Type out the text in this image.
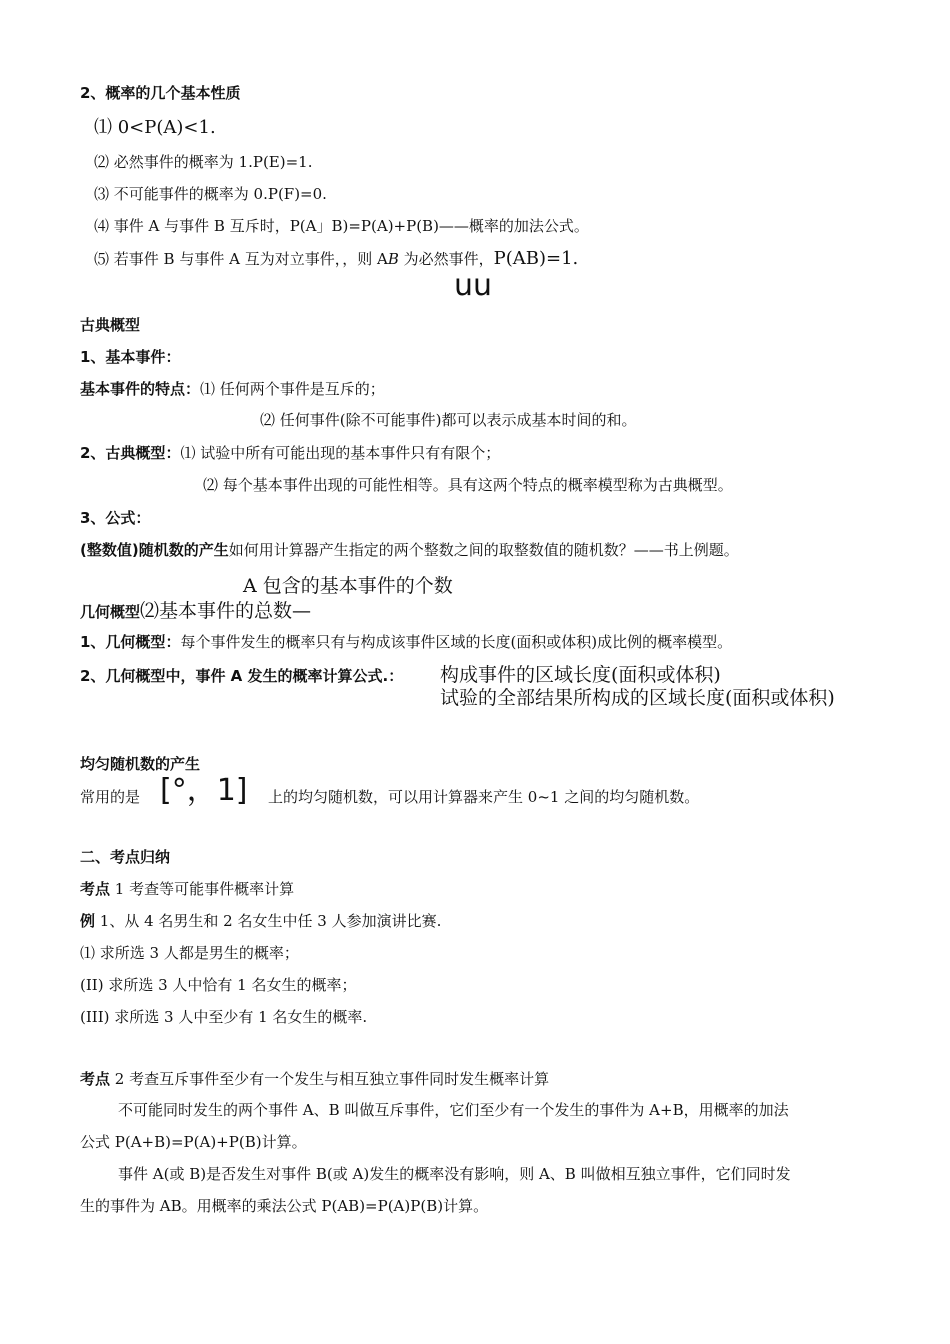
2、概率的几个基本性质
⑴ 0<P(A)<1.
⑵ 必然事件的概率为 1.P(E)=1.
⑶ 不可能事件的概率为 0.P(F)=0.
⑷ 事件 A 与事件 B 互斥时，P(A」B)=P(A)+P(B)——概率的加法公式。
⑸ 若事件 B 与事件 A 互为对立事件，，则 AB 为必然事件，P(AB)=1.
uu
古典概型
1、基本事件：
基本事件的特点：⑴ 任何两个事件是互斥的；
⑵ 任何事件(除不可能事件)都可以表示成基本时间的和。
2、古典概型：⑴ 试验中所有可能出现的基本事件只有有限个；
⑵ 每个基本事件出现的可能性相等。具有这两个特点的概率模型称为古典概型。
3、公式：
(整数值)随机数的产生如何用计算器产生指定的两个整数之间的取整数值的随机数？——书上例题。
A 包含的基本事件的个数
几何概型⑵基本事件的总数—
1、几何概型：每个事件发生的概率只有与构成该事件区域的长度(面积或体积)成比例的概率模型。
2、几何概型中，事件 A 发生的概率计算公式.： 构成事件的区域长度(面积或体积)
试验的全部结果所构成的区域长度(面积或体积)
均匀随机数的产生
常用的是 [°，1] 上的均匀随机数，可以用计算器来产生 0~1 之间的均匀随机数。
二、考点归纳
考点 1 考查等可能事件概率计算
例 1、从 4 名男生和 2 名女生中任 3 人参加演讲比赛.
⑴ 求所选 3 人都是男生的概率；
(II) 求所选 3 人中恰有 1 名女生的概率；
(III) 求所选 3 人中至少有 1 名女生的概率.
考点 2 考查互斥事件至少有一个发生与相互独立事件同时发生概率计算
不可能同时发生的两个事件 A、B 叫做互斥事件，它们至少有一个发生的事件为 A+B，用概率的加法
公式 P(A+B)=P(A)+P(B)计算。
事件 A(或 B)是否发生对事件 B(或 A)发生的概率没有影响，则 A、B 叫做相互独立事件，它们同时发
生的事件为 AB。用概率的乘法公式 P(AB)=P(A)P(B)计算。
